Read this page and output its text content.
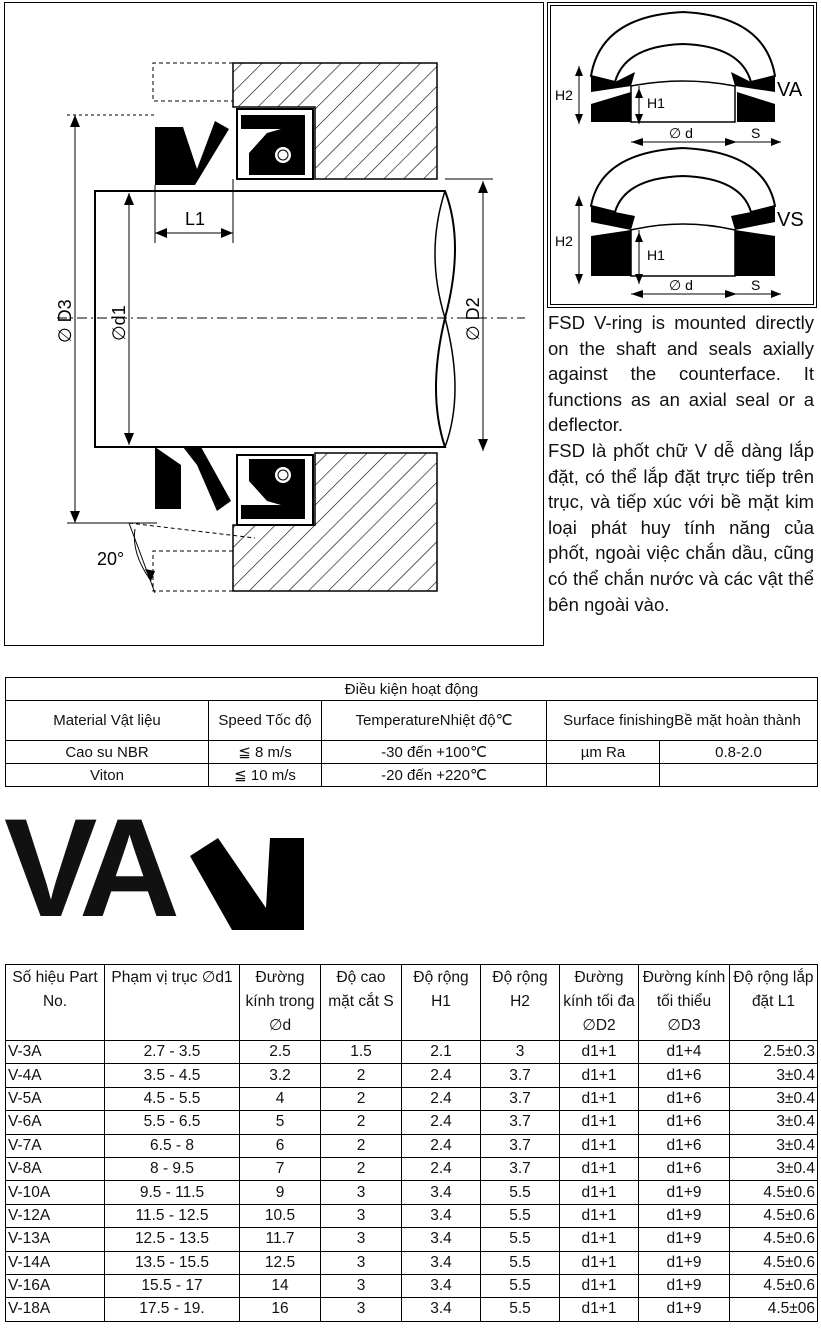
∅ D3 ∅d1	∅ D2
L1
20°
H2	H1
∅ d	S
VA
H2
H1
∅ d	S
VS

FSD V-ring is mounted directly on the shaft and seals axially against the counterface. It functions as an axial seal or a deflector.

FSD là phốt chữ V dễ dàng lắp đặt, có thể lắp đặt trực tiếp trên trục, và tiếp xúc với bề mặt kim loại phát huy tính năng của phốt, ngoài việc chắn dầu, cũng có thể chắn nước và các vật thể bên ngoài vào.

Điều kiện hoạt động				
Material Vật liệu	Speed Tốc độ	TemperatureNhiệt độ℃	Surface finishingBề mặt hoàn thành	
Cao su NBR	≦ 8 m/s	-30 đến +100℃	µm Ra	0.8-2.0
Viton	≦ 10 m/s	-20 đến +220℃		
VA
Số hiệu Part No.	Phạm vị trục ∅d1	Đường kính trong ∅d	Độ cao mặt cắt S	Độ rộng H1	Độ rộng H2	Đường kính tối đa ∅D2	Đường kính tối thiểu ∅D3	Độ rộng lắp đặt L1
V-3A	2.7 - 3.5	2.5	1.5	2.1	3	d1+1	d1+4	2.5±0.3
V-4A	3.5 - 4.5	3.2	2	2.4	3.7	d1+1	d1+6	3±0.4
V-5A	4.5 - 5.5	4	2	2.4	3.7	d1+1	d1+6	3±0.4
V-6A	5.5 - 6.5	5	2	2.4	3.7	d1+1	d1+6	3±0.4
V-7A	6.5 - 8	6	2	2.4	3.7	d1+1	d1+6	3±0.4
V-8A	8 - 9.5	7	2	2.4	3.7	d1+1	d1+6	3±0.4
V-10A	9.5 - 11.5	9	3	3.4	5.5	d1+1	d1+9	4.5±0.6
V-12A	11.5 - 12.5	10.5	3	3.4	5.5	d1+1	d1+9	4.5±0.6
V-13A	12.5 - 13.5	11.7	3	3.4	5.5	d1+1	d1+9	4.5±0.6
V-14A	13.5 - 15.5	12.5	3	3.4	5.5	d1+1	d1+9	4.5±0.6
V-16A	15.5 - 17	14	3	3.4	5.5	d1+1	d1+9	4.5±0.6
V-18A	17.5 - 19.	16	3	3.4	5.5	d1+1	d1+9	4.5±06
